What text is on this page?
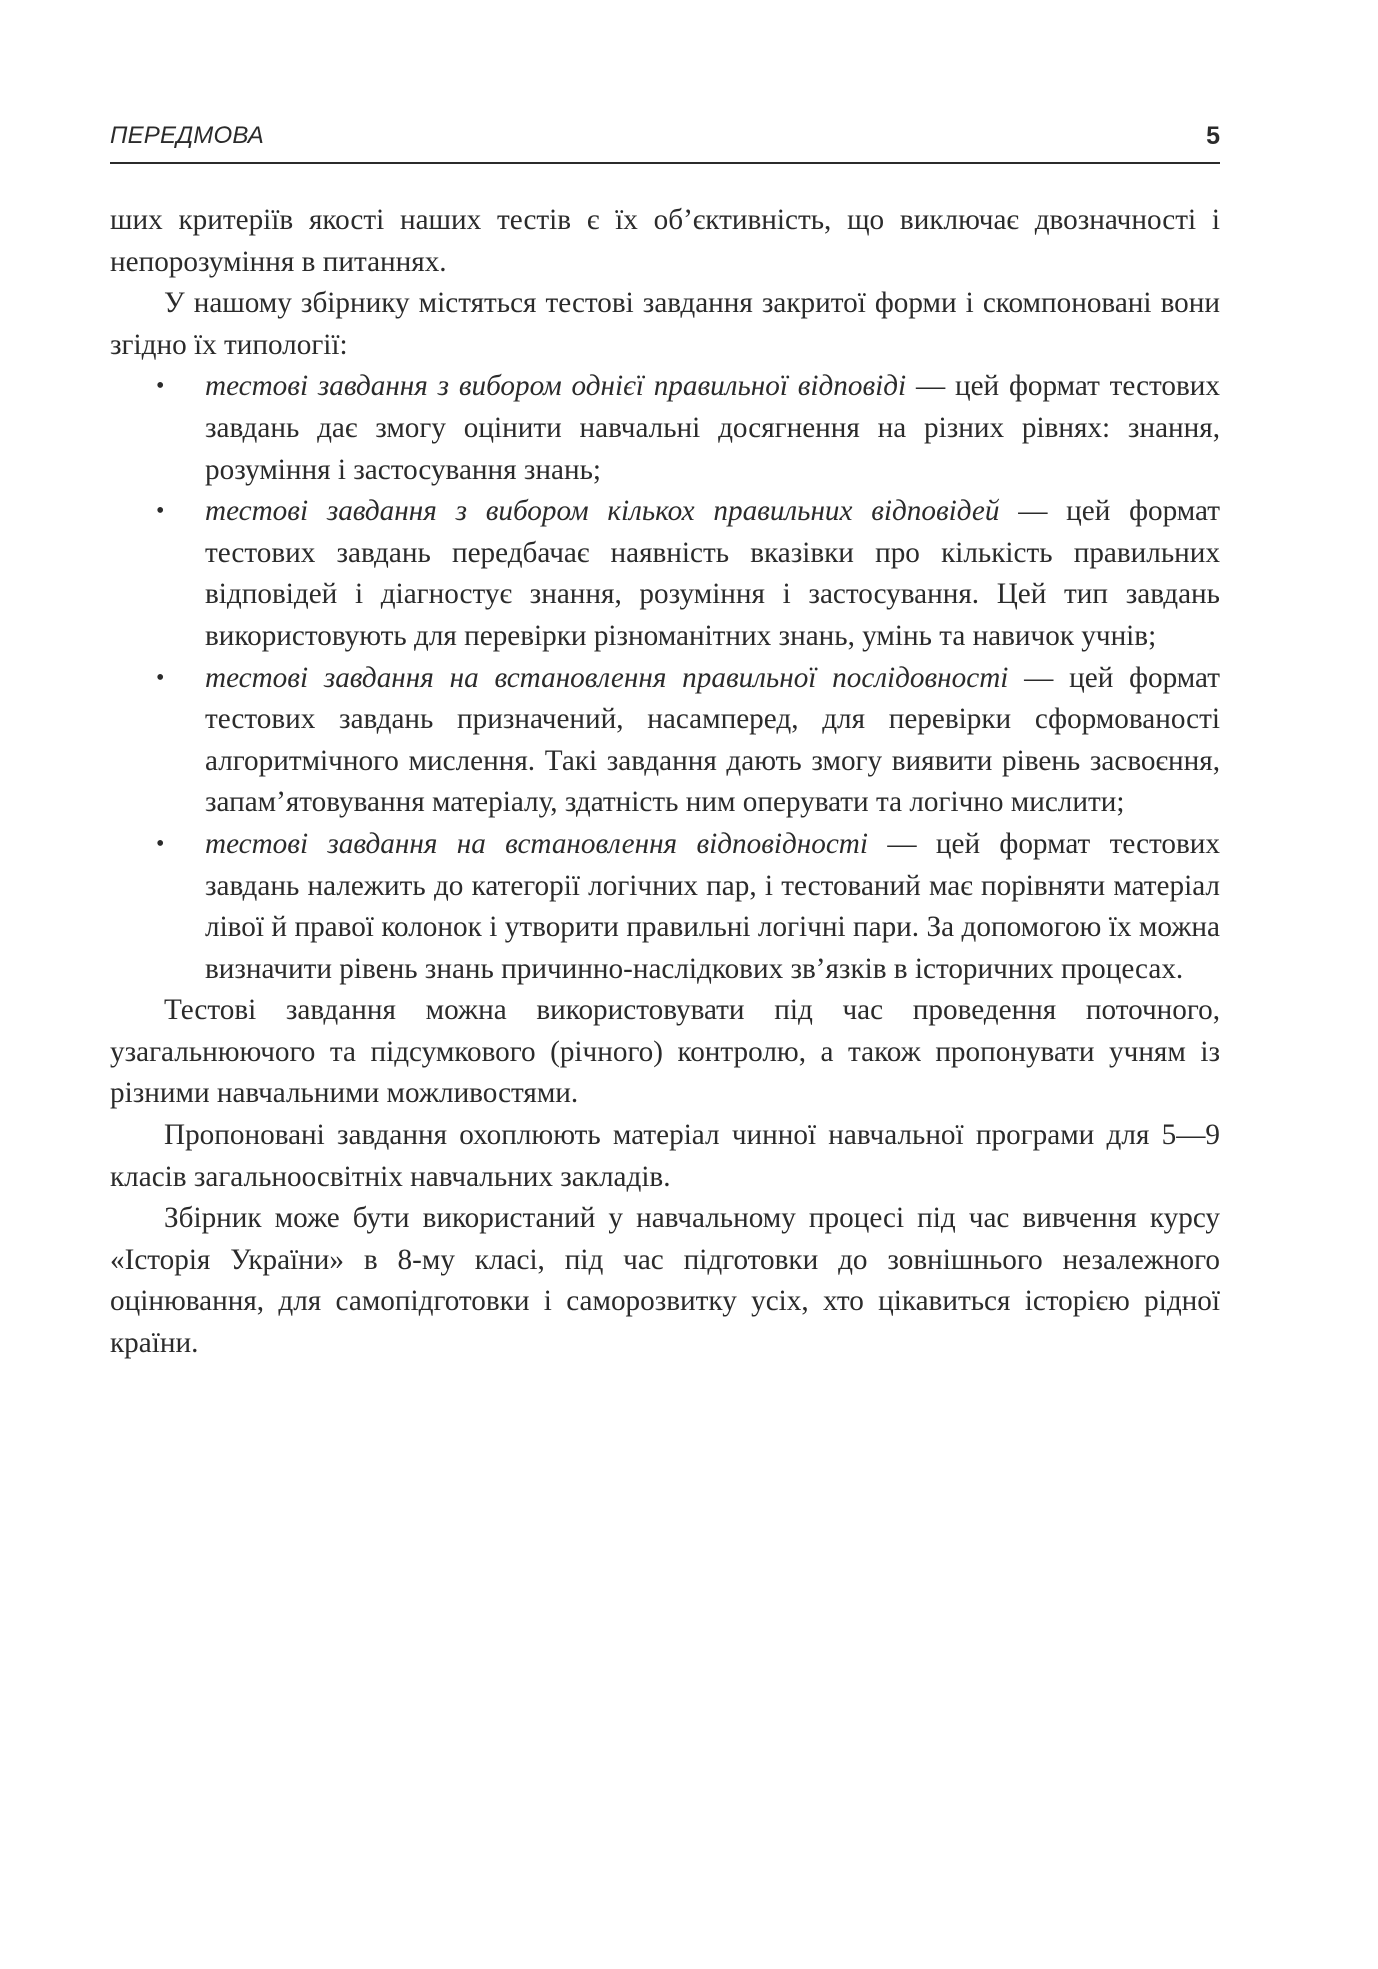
ПЕРЕДМОВА	5

ших критеріїв якості наших тестів є їх об’єктивність, що виключає двозначності і непорозуміння в питаннях.

У нашому збірнику містяться тестові завдання закритої форми і скомпоновані вони згідно їх типології:

• тестові завдання з вибором однієї правильної відповіді — цей формат тестових завдань дає змогу оцінити навчальні досягнення на різних рівнях: знання, розуміння і застосування знань;
• тестові завдання з вибором кількох правильних відповідей — цей формат тестових завдань передбачає наявність вказівки про кількість правильних відповідей і діагностує знання, розуміння і застосування. Цей тип завдань використовують для перевірки різноманітних знань, умінь та навичок учнів;
• тестові завдання на встановлення правильної послідовності — цей формат тестових завдань призначений, насамперед, для перевірки сформованості алгоритмічного мислення. Такі завдання дають змогу виявити рівень засвоєння, запам’ятовування матеріалу, здатність ним оперувати та логічно мислити;
• тестові завдання на встановлення відповідності — цей формат тестових завдань належить до категорії логічних пар, і тестований має порівняти матеріал лівої й правої колонок і утворити правильні логічні пари. За допомогою їх можна визначити рівень знань причинно-наслідкових зв’язків в історичних процесах.

Тестові завдання можна використовувати під час проведення поточного, узагальнюючого та підсумкового (річного) контролю, а також пропонувати учням із різними навчальними можливостями.

Пропоновані завдання охоплюють матеріал чинної навчальної програми для 5—9 класів загальноосвітніх навчальних закладів.

Збірник може бути використаний у навчальному процесі під час вивчення курсу «Історія України» в 8-му класі, під час підготовки до зовнішнього незалежного оцінювання, для самопідготовки і саморозвитку усіх, хто цікавиться історією рідної країни.
